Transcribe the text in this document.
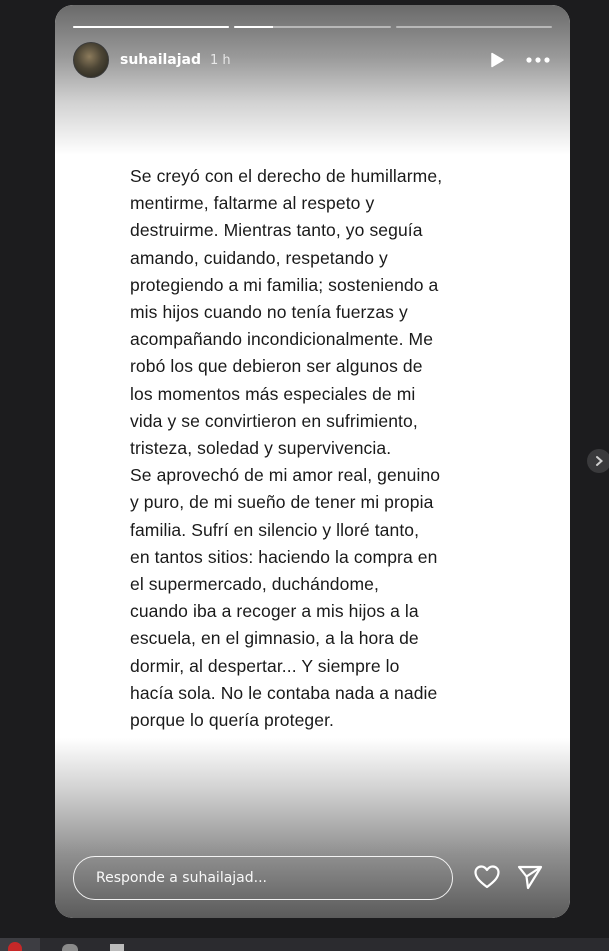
suhailajad 1 h
Se creyó con el derecho de humillarme,
mentirme, faltarme al respeto y
destruirme. Mientras tanto, yo seguía
amando, cuidando, respetando y
protegiendo a mi familia; sosteniendo a
mis hijos cuando no tenía fuerzas y
acompañando incondicionalmente. Me
robó los que debieron ser algunos de
los momentos más especiales de mi
vida y se convirtieron en sufrimiento,
tristeza, soledad y supervivencia.
Se aprovechó de mi amor real, genuino
y puro, de mi sueño de tener mi propia
familia. Sufrí en silencio y lloré tanto,
en tantos sitios: haciendo la compra en
el supermercado, duchándome,
cuando iba a recoger a mis hijos a la
escuela, en el gimnasio, a la hora de
dormir, al despertar... Y siempre lo
hacía sola. No le contaba nada a nadie
porque lo quería proteger.
Responde a suhailajad...
